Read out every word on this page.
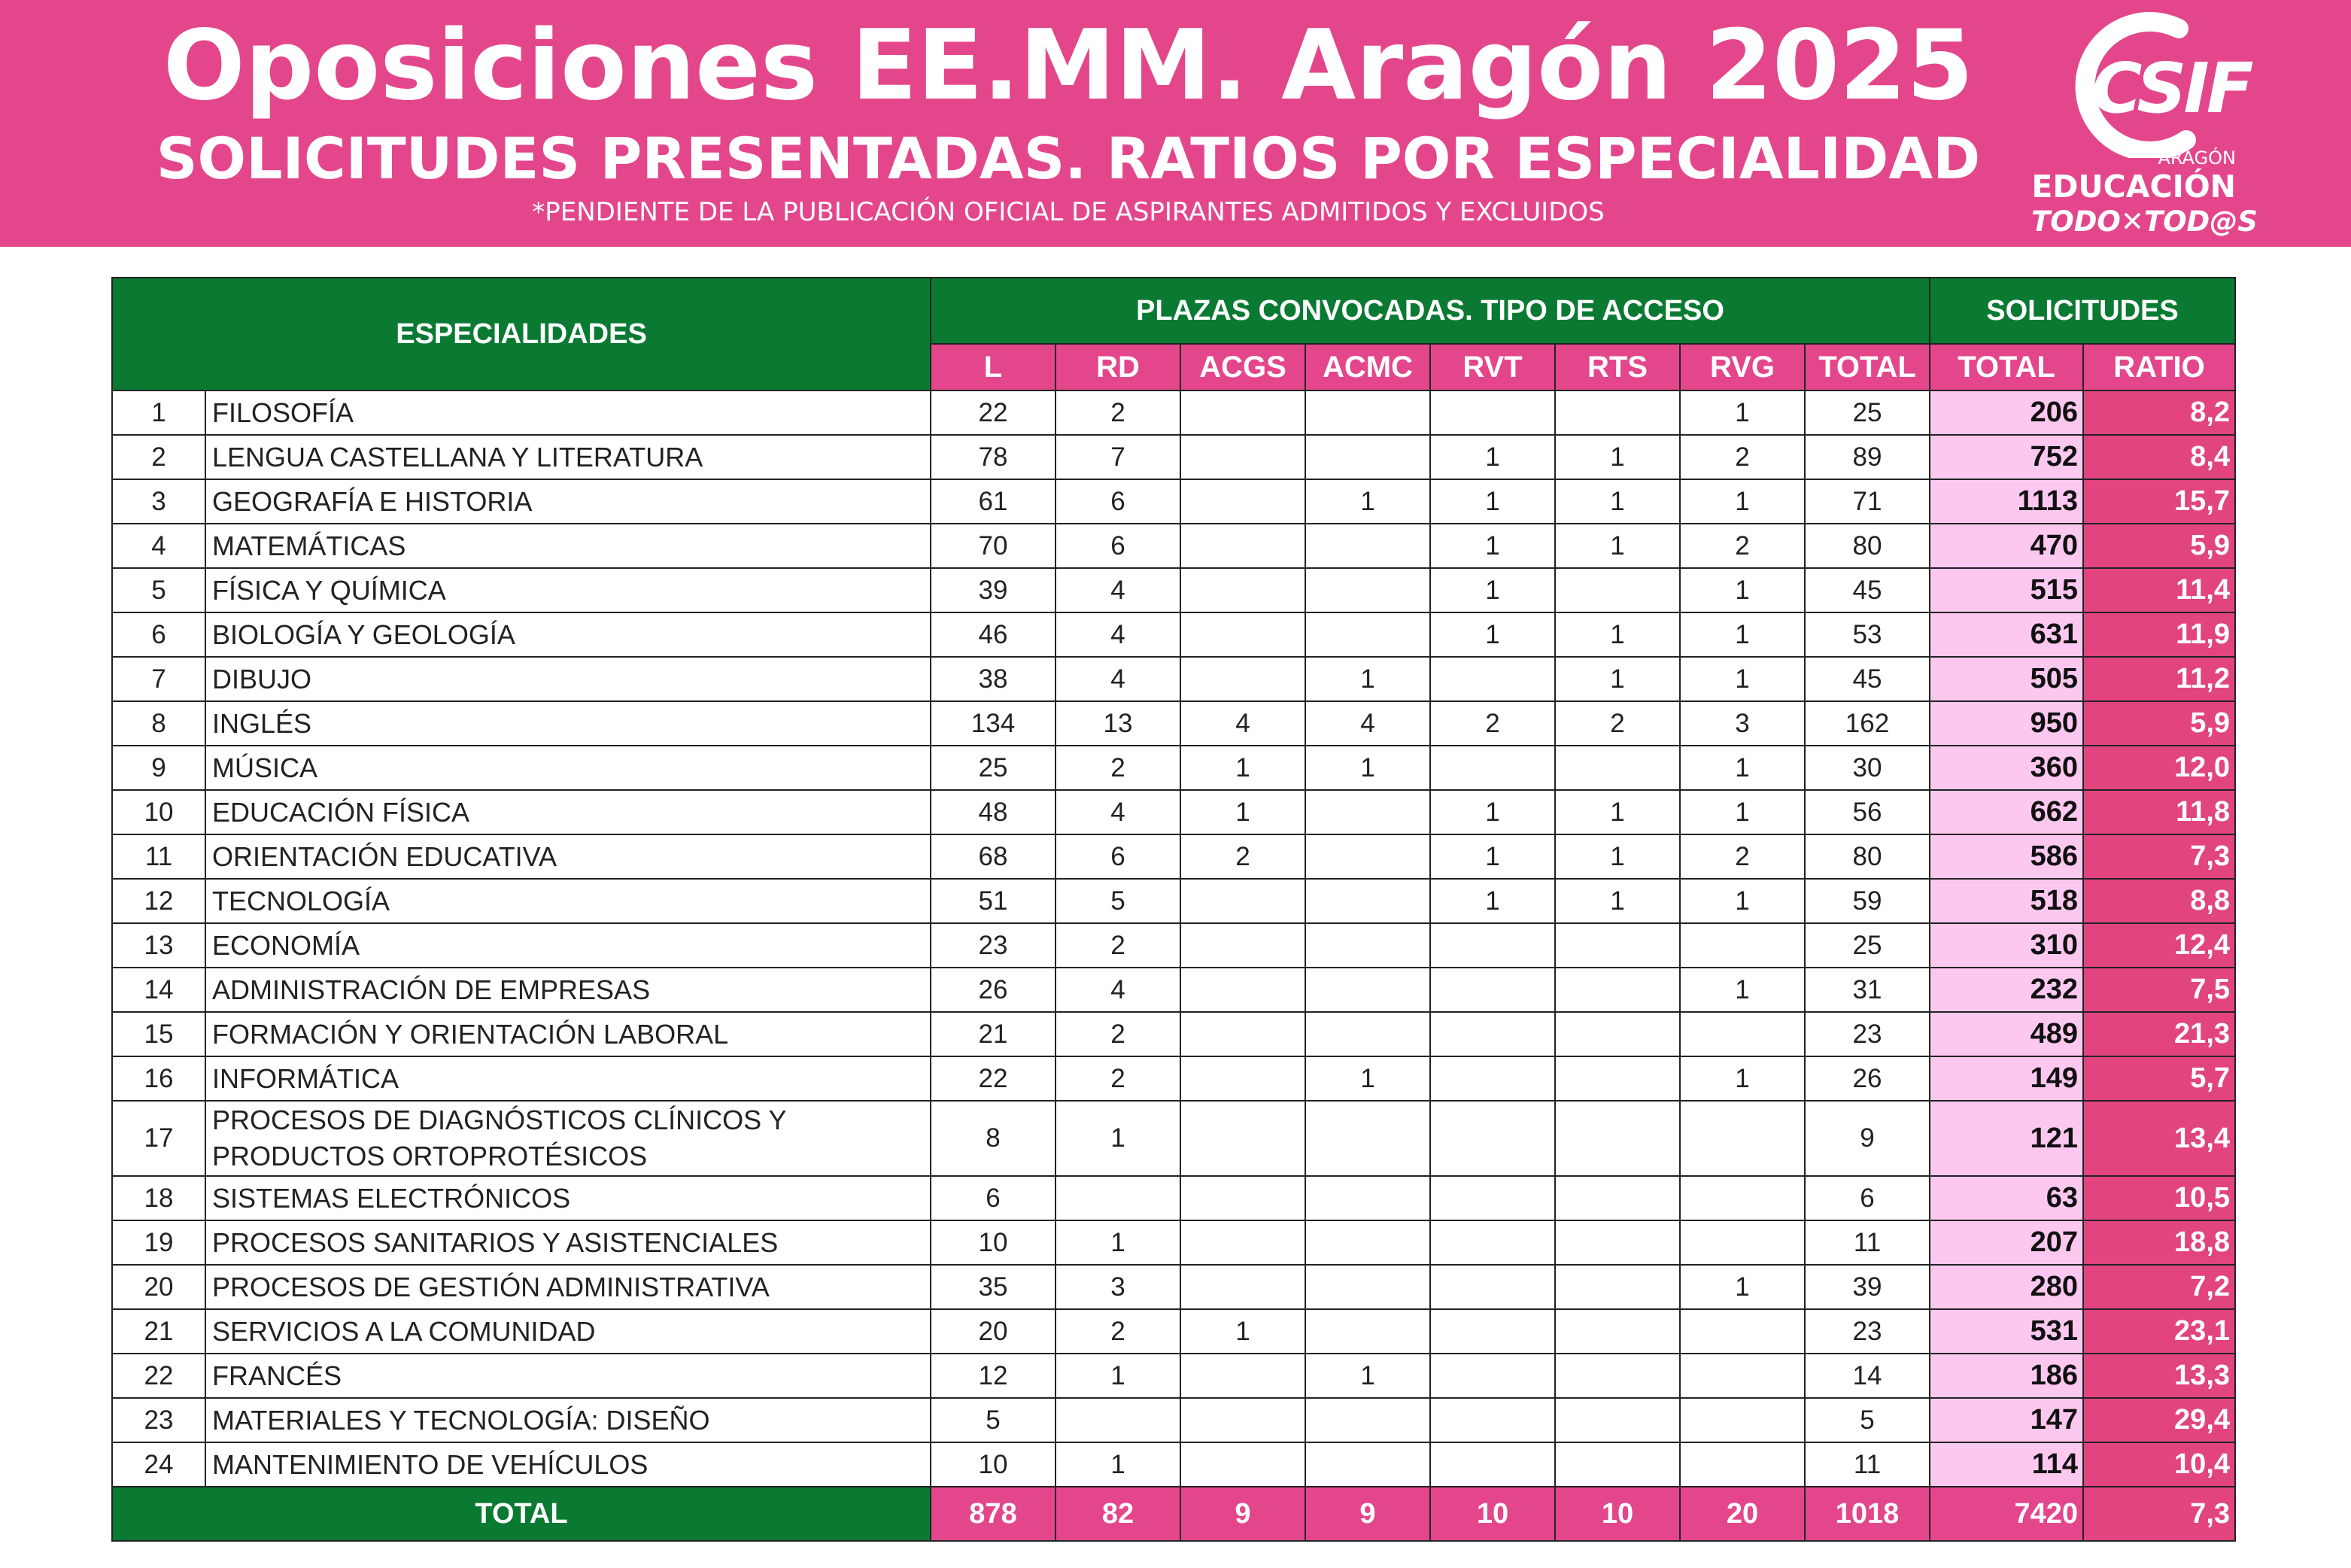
Oposiciones EE.MM. Aragón 2025
SOLICITUDES PRESENTADAS. RATIOS POR ESPECIALIDAD
*PENDIENTE DE LA PUBLICACIÓN OFICIAL DE ASPIRANTES ADMITIDOS Y EXCLUIDOS
CSIF
ARAGÓN
EDUCACIÓN
TODO✕TOD@S
ESPECIALIDADES		PLAZAS CONVOCADAS. TIPO DE ACCESO								SOLICITUDES	
		L	RD	ACGS	ACMC	RVT	RTS	RVG	TOTAL	TOTAL	RATIO
1	FILOSOFÍA	22	2					1	25	206	8,2
2	LENGUA CASTELLANA Y LITERATURA	78	7			1	1	2	89	752	8,4
3	GEOGRAFÍA E HISTORIA	61	6		1	1	1	1	71	1113	15,7
4	MATEMÁTICAS	70	6			1	1	2	80	470	5,9
5	FÍSICA Y QUÍMICA	39	4			1		1	45	515	11,4
6	BIOLOGÍA Y GEOLOGÍA	46	4			1	1	1	53	631	11,9
7	DIBUJO	38	4		1		1	1	45	505	11,2
8	INGLÉS	134	13	4	4	2	2	3	162	950	5,9
9	MÚSICA	25	2	1	1			1	30	360	12,0
10	EDUCACIÓN FÍSICA	48	4	1		1	1	1	56	662	11,8
11	ORIENTACIÓN EDUCATIVA	68	6	2		1	1	2	80	586	7,3
12	TECNOLOGÍA	51	5			1	1	1	59	518	8,8
13	ECONOMÍA	23	2						25	310	12,4
14	ADMINISTRACIÓN DE EMPRESAS	26	4					1	31	232	7,5
15	FORMACIÓN Y ORIENTACIÓN LABORAL	21	2						23	489	21,3
16	INFORMÁTICA	22	2		1			1	26	149	5,7
17	PROCESOS DE DIAGNÓSTICOS CLÍNICOS Y PRODUCTOS ORTOPROTÉSICOS	8	1						9	121	13,4
18	SISTEMAS ELECTRÓNICOS	6							6	63	10,5
19	PROCESOS SANITARIOS Y ASISTENCIALES	10	1						11	207	18,8
20	PROCESOS DE GESTIÓN ADMINISTRATIVA	35	3					1	39	280	7,2
21	SERVICIOS A LA COMUNIDAD	20	2	1					23	531	23,1
22	FRANCÉS	12	1		1				14	186	13,3
23	MATERIALES Y TECNOLOGÍA: DISEÑO	5							5	147	29,4
24	MANTENIMIENTO DE VEHÍCULOS	10	1						11	114	10,4
TOTAL		878	82	9	9	10	10	20	1018	7420	7,3
